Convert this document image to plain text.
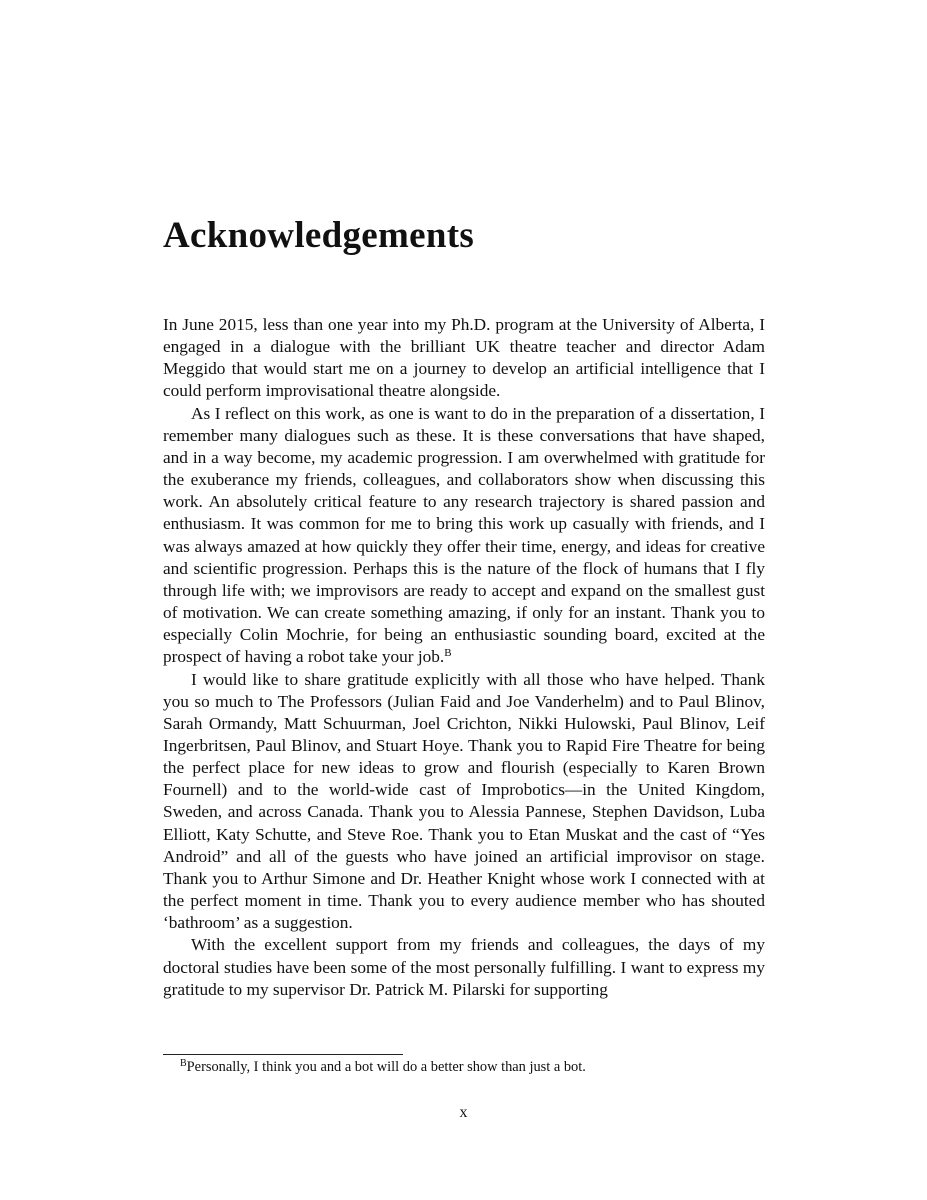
Acknowledgements

In June 2015, less than one year into my Ph.D. program at the University of Alberta, I engaged in a dialogue with the brilliant UK theatre teacher and director Adam Meggido that would start me on a journey to develop an artificial intelligence that I could perform improvisational theatre alongside.

As I reflect on this work, as one is want to do in the preparation of a dissertation, I remember many dialogues such as these. It is these conversations that have shaped, and in a way become, my academic progression. I am overwhelmed with gratitude for the exuberance my friends, colleagues, and collaborators show when discussing this work. An absolutely critical feature to any research trajectory is shared passion and enthusiasm. It was common for me to bring this work up casually with friends, and I was always amazed at how quickly they offer their time, energy, and ideas for creative and scientific progression. Perhaps this is the nature of the flock of humans that I fly through life with; we improvisors are ready to accept and expand on the smallest gust of motivation. We can create something amazing, if only for an instant. Thank you to especially Colin Mochrie, for being an enthusiastic sounding board, excited at the prospect of having a robot take your job.$^B$

I would like to share gratitude explicitly with all those who have helped. Thank you so much to The Professors (Julian Faid and Joe Vanderhelm) and to Paul Blinov, Sarah Ormandy, Matt Schuurman, Joel Crichton, Nikki Hulowski, Paul Blinov, Leif Ingerbritsen, Paul Blinov, and Stuart Hoye. Thank you to Rapid Fire Theatre for being the perfect place for new ideas to grow and flourish (especially to Karen Brown Fournell) and to the world-wide cast of Improbotics—in the United Kingdom, Sweden, and across Canada. Thank you to Alessia Pannese, Stephen Davidson, Luba Elliott, Katy Schutte, and Steve Roe. Thank you to Etan Muskat and the cast of “Yes Android” and all of the guests who have joined an artificial improvisor on stage. Thank you to Arthur Simone and Dr. Heather Knight whose work I connected with at the perfect moment in time. Thank you to every audience member who has shouted ‘bathroom’ as a suggestion.

With the excellent support from my friends and colleagues, the days of my doctoral studies have been some of the most personally fulfilling. I want to express my gratitude to my supervisor Dr. Patrick M. Pilarski for supporting

$^B$Personally, I think you and a bot will do a better show than just a bot.
x
